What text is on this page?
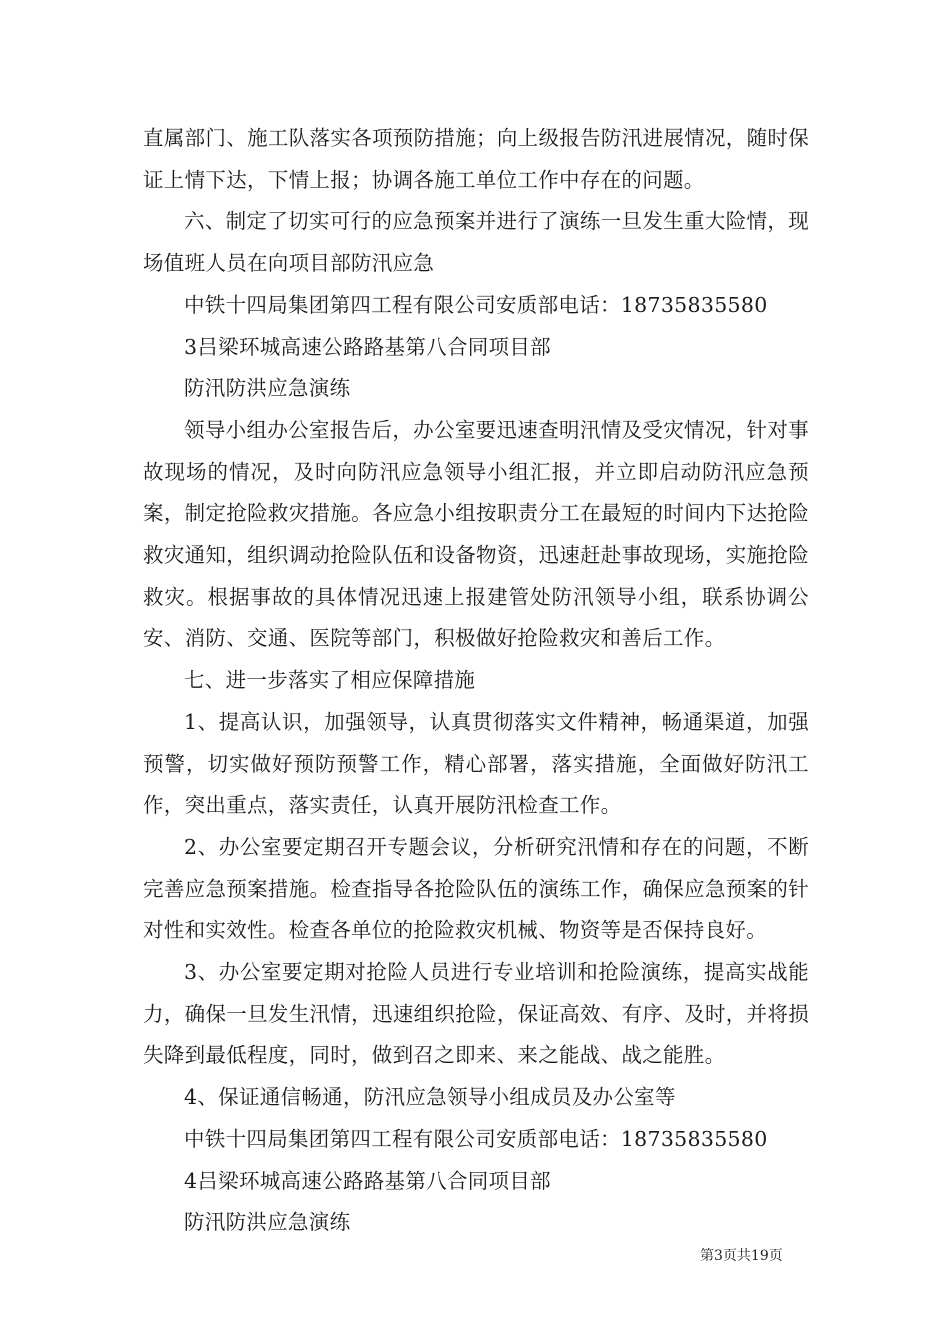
直属部门、施工队落实各项预防措施；向上级报告防汛进展情况，随时保证上情下达，下情上报；协调各施工单位工作中存在的问题。

六、制定了切实可行的应急预案并进行了演练一旦发生重大险情，现场值班人员在向项目部防汛应急

中铁十四局集团第四工程有限公司安质部电话：18735835580

3吕梁环城高速公路路基第八合同项目部

防汛防洪应急演练

领导小组办公室报告后，办公室要迅速查明汛情及受灾情况，针对事故现场的情况，及时向防汛应急领导小组汇报，并立即启动防汛应急预案，制定抢险救灾措施。各应急小组按职责分工在最短的时间内下达抢险救灾通知，组织调动抢险队伍和设备物资，迅速赶赴事故现场，实施抢险救灾。根据事故的具体情况迅速上报建管处防汛领导小组，联系协调公安、消防、交通、医院等部门，积极做好抢险救灾和善后工作。

七、进一步落实了相应保障措施

1、提高认识，加强领导，认真贯彻落实文件精神，畅通渠道，加强预警，切实做好预防预警工作，精心部署，落实措施，全面做好防汛工作，突出重点，落实责任，认真开展防汛检查工作。

2、办公室要定期召开专题会议，分析研究汛情和存在的问题，不断完善应急预案措施。检查指导各抢险队伍的演练工作，确保应急预案的针对性和实效性。检查各单位的抢险救灾机械、物资等是否保持良好。

3、办公室要定期对抢险人员进行专业培训和抢险演练，提高实战能力，确保一旦发生汛情，迅速组织抢险，保证高效、有序、及时，并将损失降到最低程度，同时，做到召之即来、来之能战、战之能胜。

4、保证通信畅通，防汛应急领导小组成员及办公室等

中铁十四局集团第四工程有限公司安质部电话：18735835580

4吕梁环城高速公路路基第八合同项目部

防汛防洪应急演练

第3页共19页
